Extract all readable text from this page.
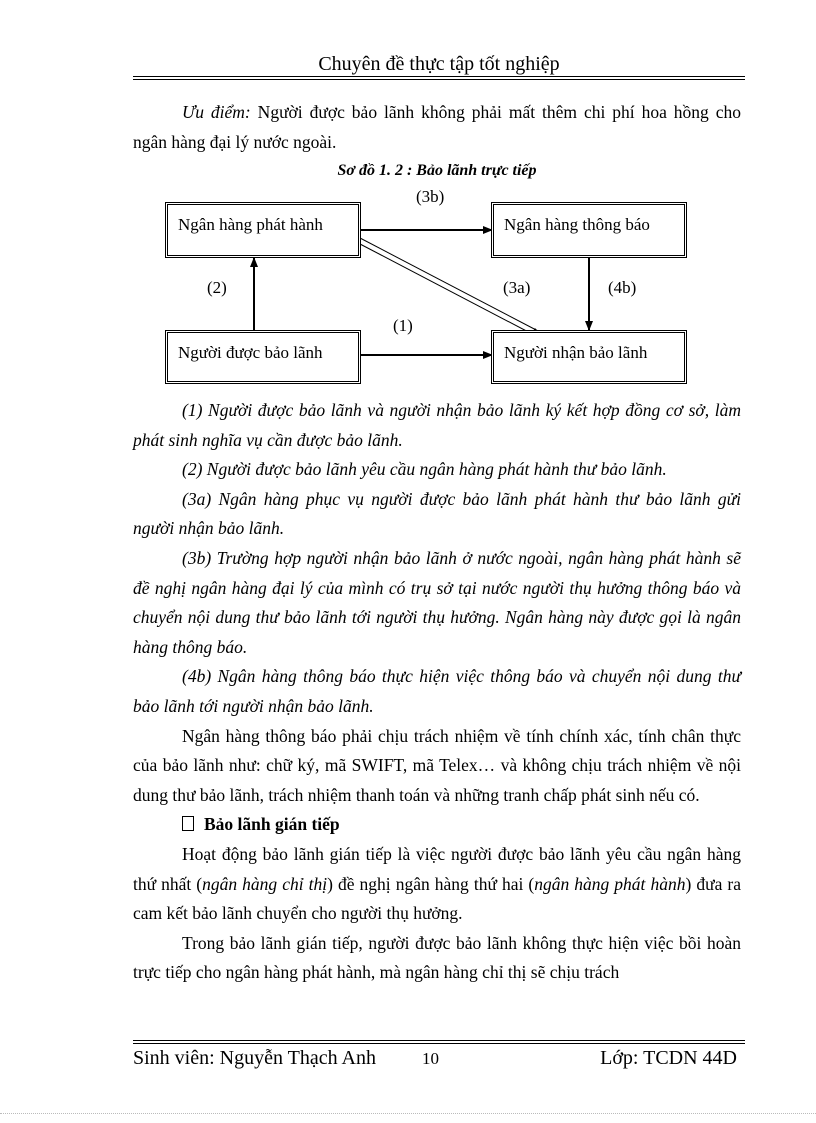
Chuyên đề thực tập tốt nghiệp

Ưu điểm: Người được bảo lãnh không phải mất thêm chi phí hoa hồng cho ngân hàng đại lý nước ngoài.

Sơ đồ 1. 2 : Bảo lãnh trực tiếp
Ngân hàng phát hành	Ngân hàng thông báo
Người được bảo lãnh	Người nhận bảo lãnh
(3b)
(2)	(3a)	(4b)
(1)

(1) Người được bảo lãnh và người nhận bảo lãnh ký kết hợp đồng cơ sở, làm phát sinh nghĩa vụ cần được bảo lãnh.

(2) Người được bảo lãnh yêu cầu ngân hàng phát hành thư bảo lãnh.

(3a) Ngân hàng phục vụ người được bảo lãnh phát hành thư bảo lãnh gửi người nhận bảo lãnh.

(3b) Trường hợp người nhận bảo lãnh ở nước ngoài, ngân hàng phát hành sẽ đề nghị ngân hàng đại lý của mình có trụ sở tại nước người thụ hưởng thông báo và chuyển nội dung thư bảo lãnh tới người thụ hưởng. Ngân hàng này được gọi là ngân hàng thông báo.

(4b) Ngân hàng thông báo thực hiện việc thông báo và chuyển nội dung thư bảo lãnh tới người nhận bảo lãnh.

Ngân hàng thông báo phải chịu trách nhiệm về tính chính xác, tính chân thực của bảo lãnh như: chữ ký, mã SWIFT, mã Telex… và không chịu trách nhiệm về nội dung thư bảo lãnh, trách nhiệm thanh toán và những tranh chấp phát sinh nếu có.

Bảo lãnh gián tiếp

Hoạt động bảo lãnh gián tiếp là việc người được bảo lãnh yêu cầu ngân hàng thứ nhất (ngân hàng chỉ thị) đề nghị ngân hàng thứ hai (ngân hàng phát hành) đưa ra cam kết bảo lãnh chuyển cho người thụ hưởng.

Trong bảo lãnh gián tiếp, người được bảo lãnh không thực hiện việc bồi hoàn trực tiếp cho ngân hàng phát hành, mà ngân hàng chỉ thị sẽ chịu trách

Sinh viên: Nguyễn Thạch Anh	10	Lớp: TCDN 44D
